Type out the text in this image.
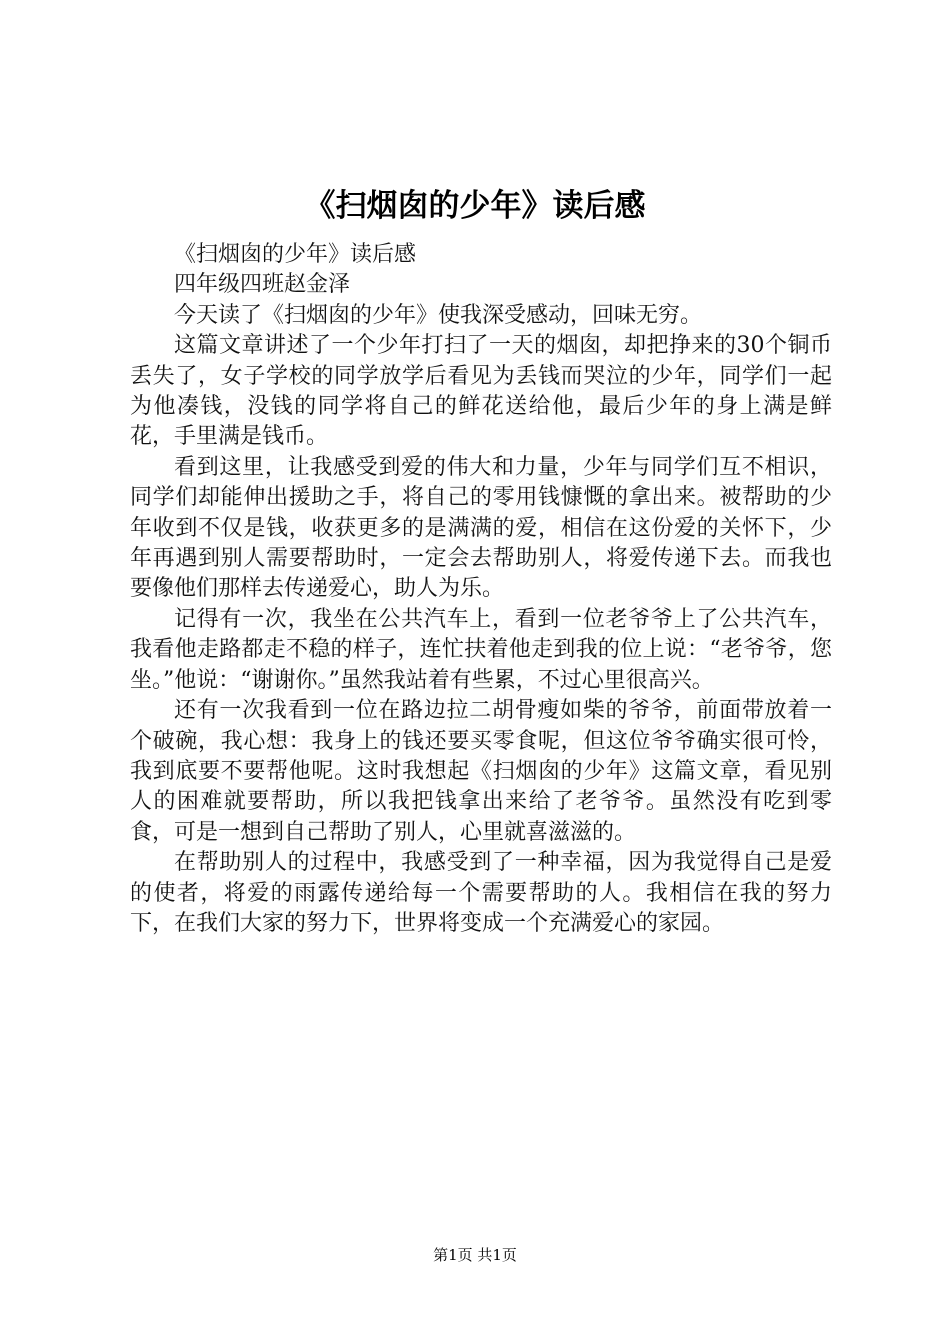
《扫烟囱的少年》读后感

《扫烟囱的少年》读后感

四年级四班赵金泽

今天读了《扫烟囱的少年》使我深受感动，回味无穷。

这篇文章讲述了一个少年打扫了一天的烟囱，却把挣来的30个铜币丢失了，女子学校的同学放学后看见为丢钱而哭泣的少年，同学们一起为他凑钱，没钱的同学将自己的鲜花送给他，最后少年的身上满是鲜花，手里满是钱币。

看到这里，让我感受到爱的伟大和力量，少年与同学们互不相识，同学们却能伸出援助之手，将自己的零用钱慷慨的拿出来。被帮助的少年收到不仅是钱，收获更多的是满满的爱，相信在这份爱的关怀下，少年再遇到别人需要帮助时，一定会去帮助别人，将爱传递下去。而我也要像他们那样去传递爱心，助人为乐。

记得有一次，我坐在公共汽车上，看到一位老爷爷上了公共汽车，我看他走路都走不稳的样子，连忙扶着他走到我的位上说：“老爷爷，您坐。”他说：“谢谢你。”虽然我站着有些累，不过心里很高兴。

还有一次我看到一位在路边拉二胡骨瘦如柴的爷爷，前面带放着一个破碗，我心想：我身上的钱还要买零食呢，但这位爷爷确实很可怜，我到底要不要帮他呢。这时我想起《扫烟囱的少年》这篇文章，看见别人的困难就要帮助，所以我把钱拿出来给了老爷爷。虽然没有吃到零食，可是一想到自己帮助了别人，心里就喜滋滋的。

在帮助别人的过程中，我感受到了一种幸福，因为我觉得自己是爱的使者，将爱的雨露传递给每一个需要帮助的人。我相信在我的努力下，在我们大家的努力下，世界将变成一个充满爱心的家园。

第1页 共1页
